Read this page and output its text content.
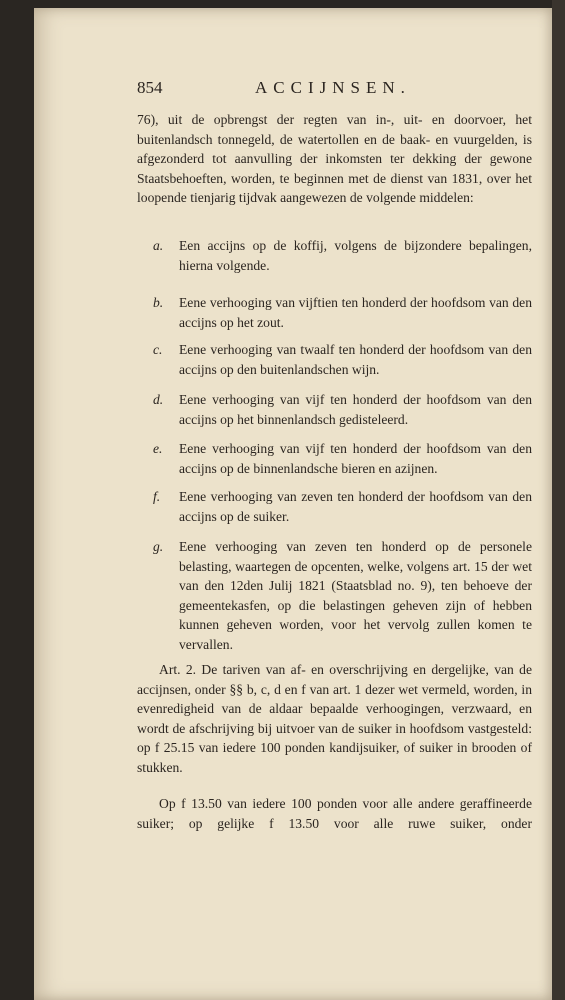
854	ACCIJNSEN.
76), uit de opbrengst der regten van in-, uit- en doorvoer, het buitenlandsch tonnegeld, de watertollen en de baak- en vuurgelden, is afgezonderd tot aanvulling der inkomsten ter dekking der gewone Staatsbehoeften, worden, te beginnen met de dienst van 1831, over het loopende tienjarig tijdvak aangewezen de volgende middelen:
a. Een accijns op de koffij, volgens de bijzondere bepalingen, hierna volgende.
b. Eene verhooging van vijftien ten honderd der hoofdsom van den accijns op het zout.
c. Eene verhooging van twaalf ten honderd der hoofdsom van den accijns op den buitenlandschen wijn.
d. Eene verhooging van vijf ten honderd der hoofdsom van den accijns op het binnenlandsch gedisteleerd.
e. Eene verhooging van vijf ten honderd der hoofdsom van den accijns op de binnenlandsche bieren en azijnen.
f. Eene verhooging van zeven ten honderd der hoofdsom van den accijns op de suiker.
g. Eene verhooging van zeven ten honderd op de personele belasting, waartegen de opcenten, welke, volgens art. 15 der wet van den 12den Julij 1821 (Staatsblad no. 9), ten behoeve der gemeentekasfen, op die belastingen geheven zijn of hebben kunnen geheven worden, voor het vervolg zullen komen te vervallen.
Art. 2. De tariven van af- en overschrijving en dergelijke, van de accijnsen, onder §§ b, c, d en f van art. 1 dezer wet vermeld, worden, in evenredigheid van de aldaar bepaalde verhoogingen, verzwaard, en wordt de afschrijving bij uitvoer van de suiker in hoofdsom vastgesteld: op f 25.15 van iedere 100 ponden kandijsuiker, of suiker in brooden of stukken.
Op f 13.50 van iedere 100 ponden voor alle andere geraffineerde suiker; op gelijke f 13.50 voor alle ruwe suiker, onder
